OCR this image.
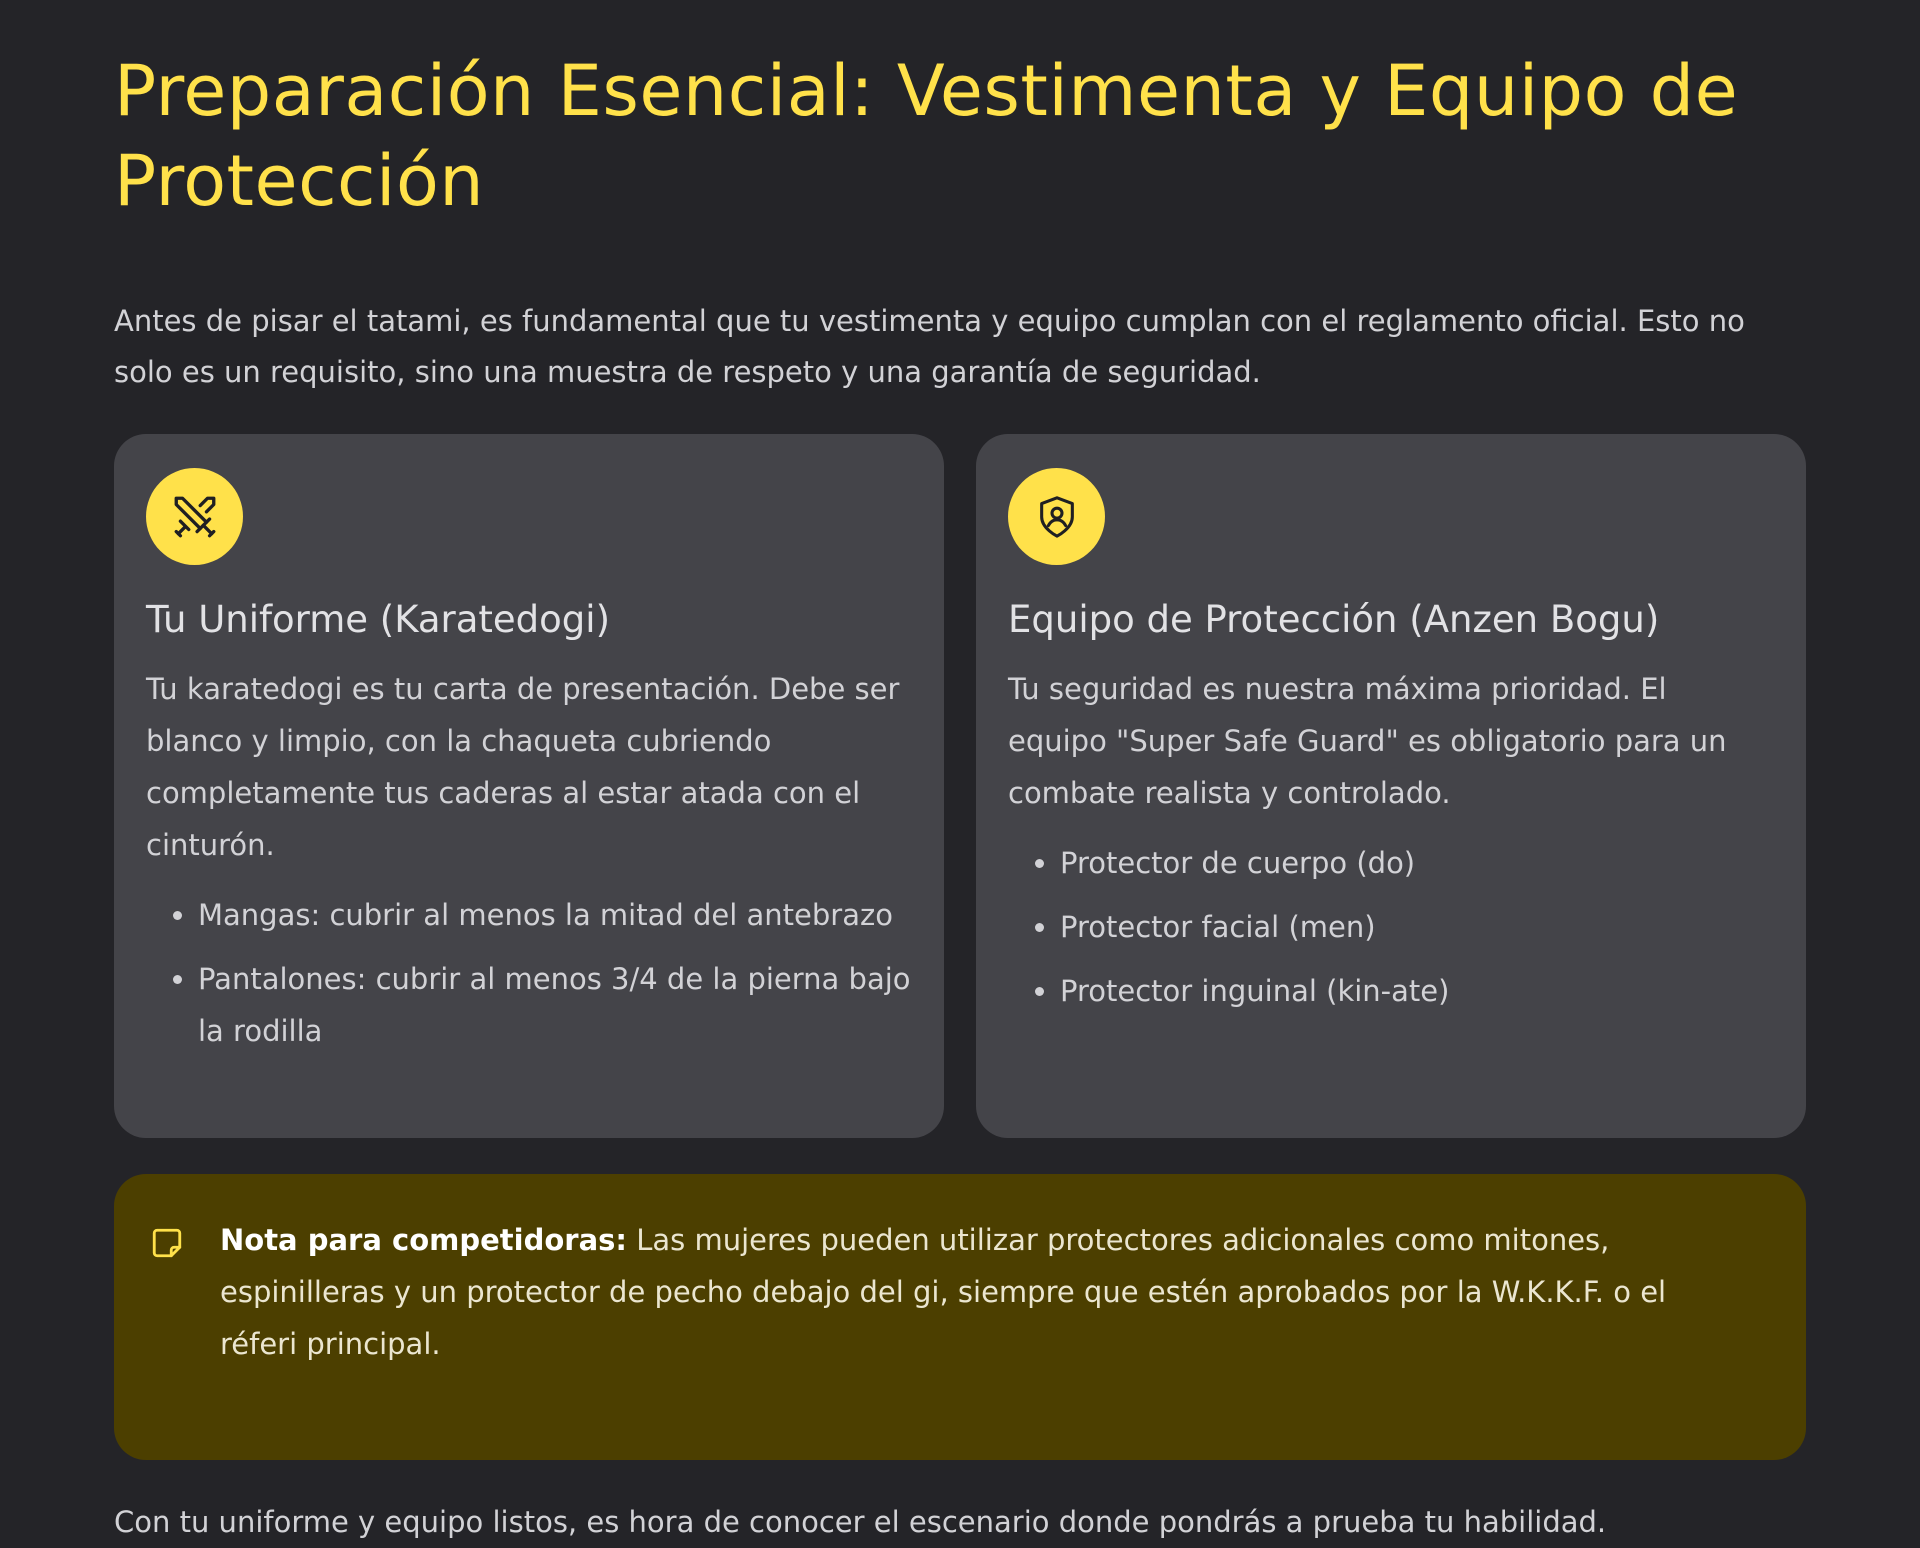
Preparación Esencial: Vestimenta y Equipo de Protección

Antes de pisar el tatami, es fundamental que tu vestimenta y equipo cumplan con el reglamento oficial. Esto no solo es un requisito, sino una muestra de respeto y una garantía de seguridad.

Tu Uniforme (Karatedogi)

Tu karatedogi es tu carta de presentación. Debe ser blanco y limpio, con la chaqueta cubriendo completamente tus caderas al estar atada con el cinturón.

• Mangas: cubrir al menos la mitad del antebrazo
• Pantalones: cubrir al menos 3/4 de la pierna bajo la rodilla
Equipo de Protección (Anzen Bogu)

Tu seguridad es nuestra máxima prioridad. El equipo "Super Safe Guard" es obligatorio para un combate realista y controlado.

• Protector de cuerpo (do)
• Protector facial (men)
• Protector inguinal (kin-ate)
Nota para competidoras: Las mujeres pueden utilizar protectores adicionales como mitones, espinilleras y un protector de pecho debajo del gi, siempre que estén aprobados por la W.K.K.F. o el réferi principal.

Con tu uniforme y equipo listos, es hora de conocer el escenario donde pondrás a prueba tu habilidad.
